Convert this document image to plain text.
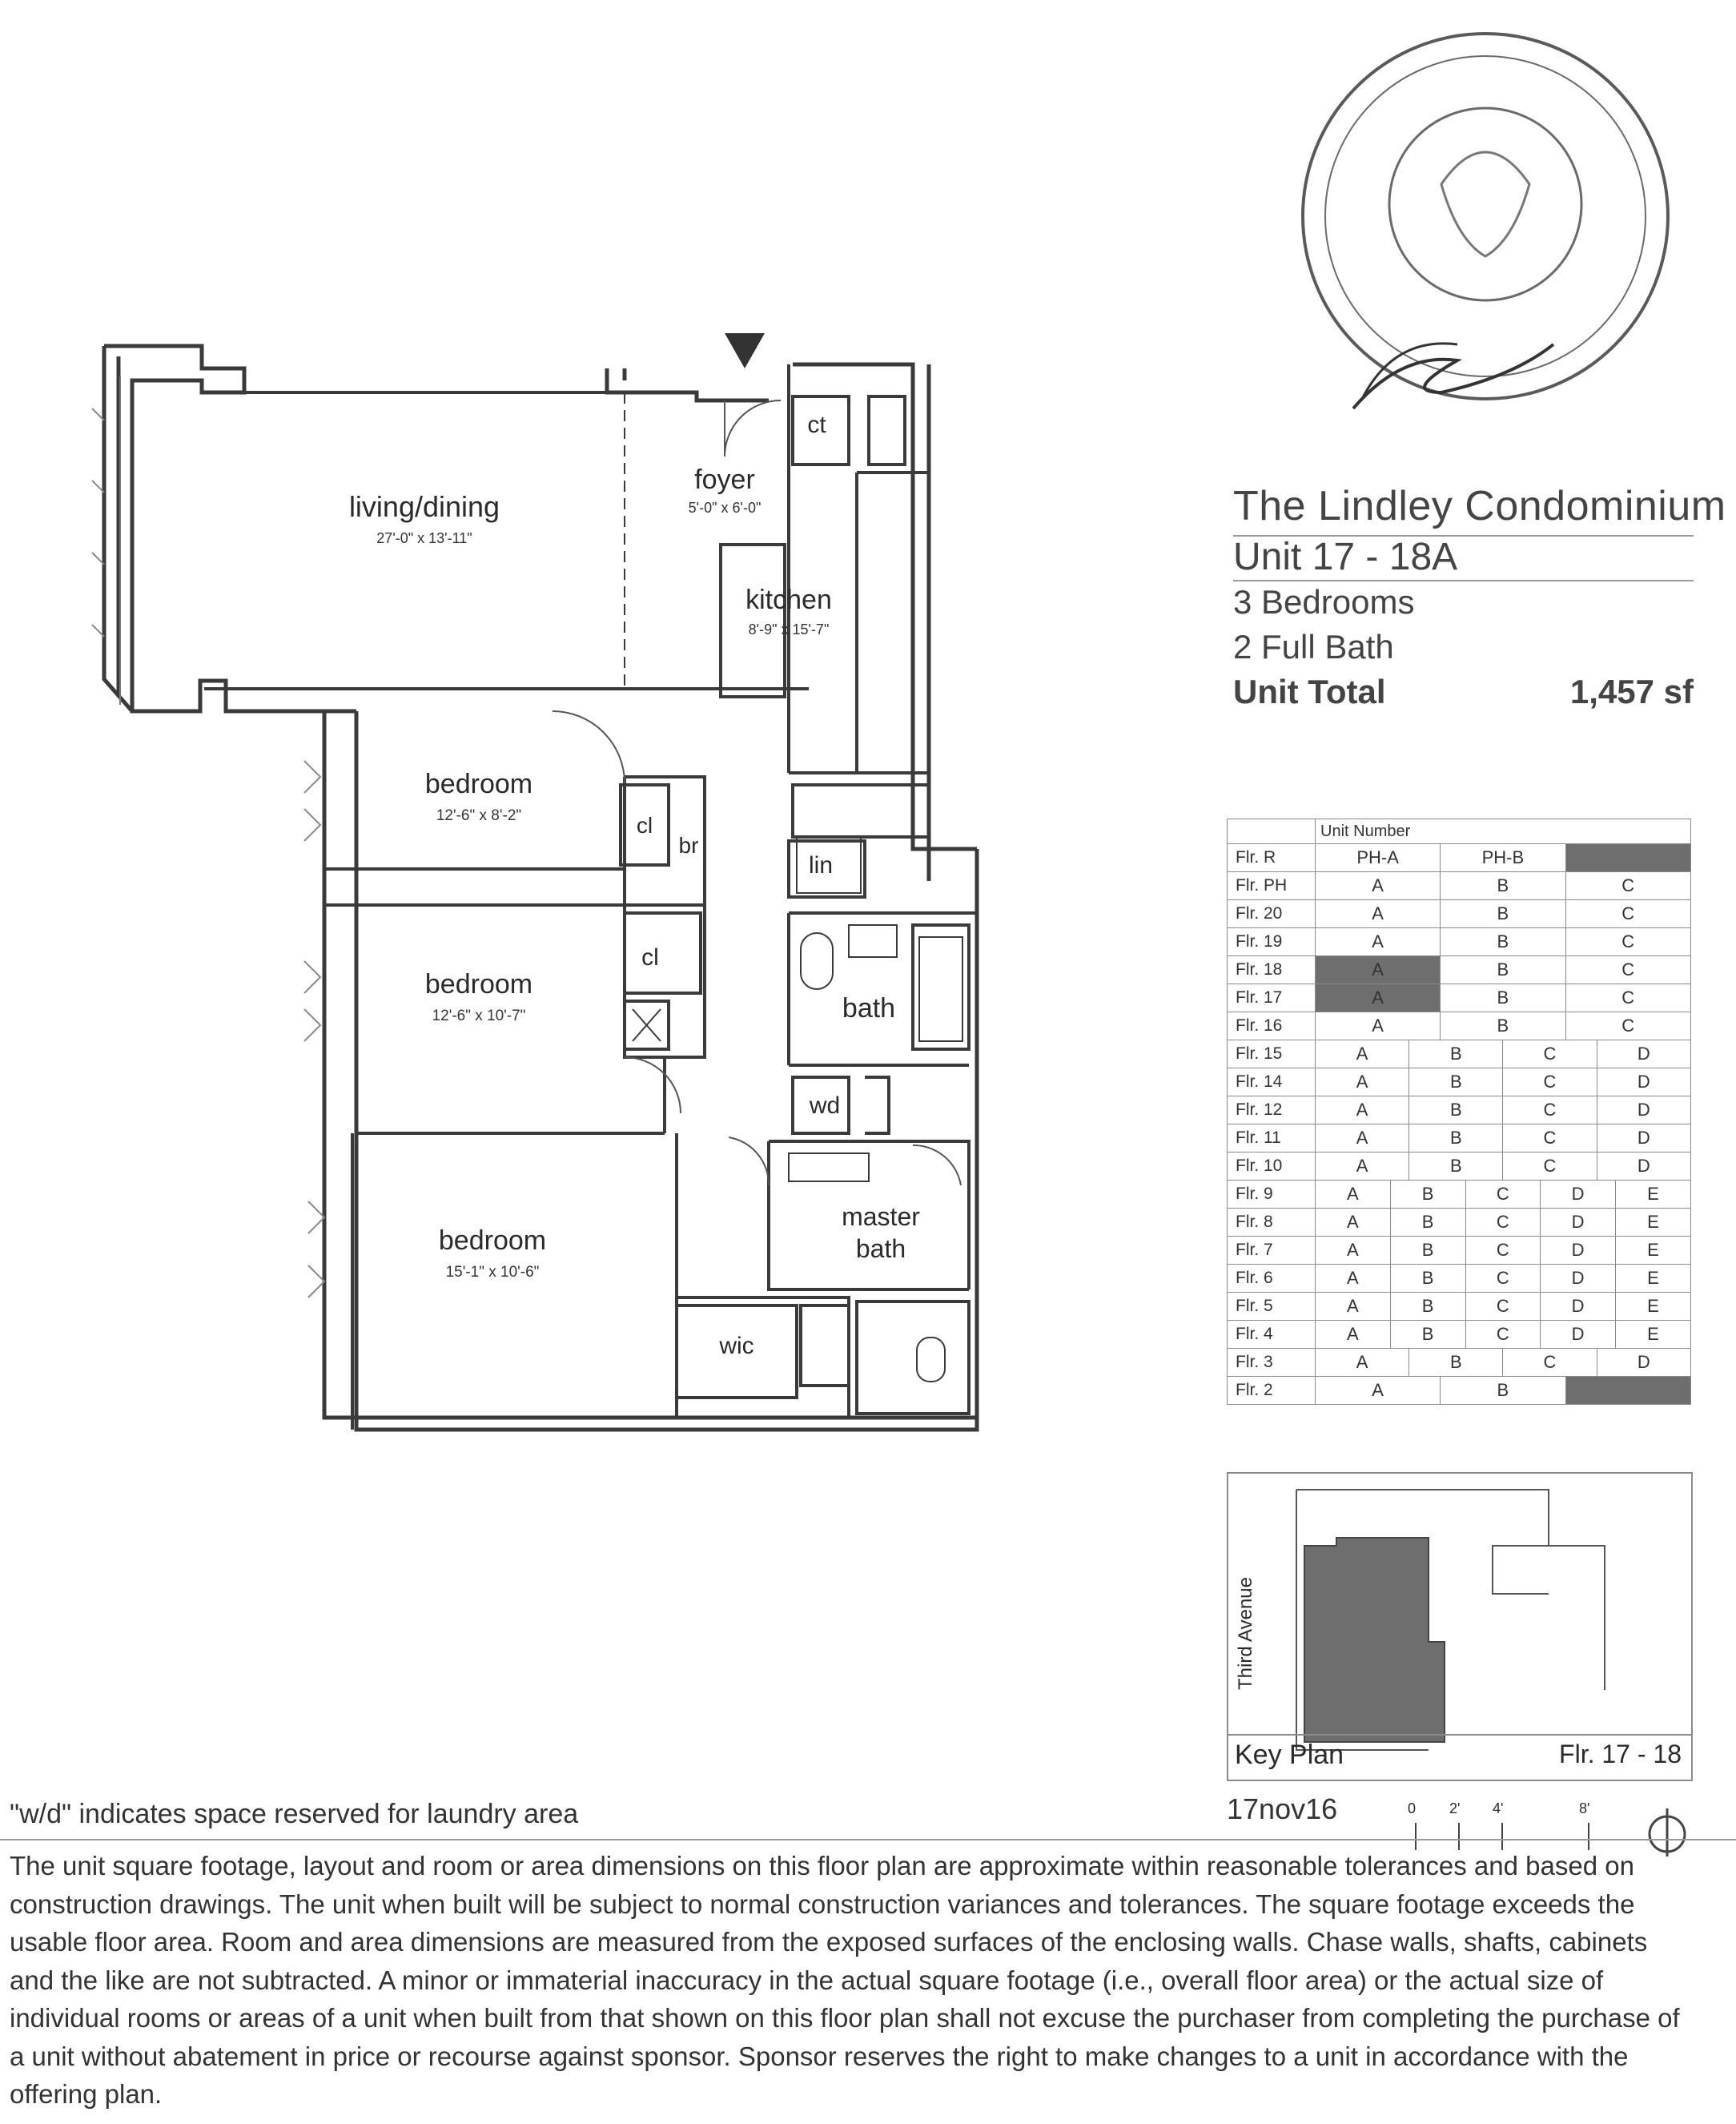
living/dining
27'-0" x 13'-11"
foyer
5'-0" x 6'-0"
kitchen
8'-9" x 15'-7"
bedroom
12'-6" x 8'-2"
bedroom
12'-6" x 10'-7"
bedroom
15'-1" x 10'-6"
bath
master
bath
ct
cl
br
lin
cl
wd
wic
The Lindley Condominium
Unit 17 - 18A
3 Bedrooms
2 Full Bath
Unit Total	1,457 sf
	Unit Number									
Flr. R	PH-A			PH-B						
Flr. PH	A			B				C		
Flr. 20	A			B				C		
Flr. 19	A			B				C		
Flr. 18	A			B				C		
Flr. 17	A			B				C		
Flr. 16	A			B				C		
Flr. 15	A		B			C			D	
Flr. 14	A		B			C			D	
Flr. 12	A		B			C			D	
Flr. 11	A		B			C			D	
Flr. 10	A		B			C			D	
Flr. 9	A	B			C		D			E
Flr. 8	A	B			C		D			E
Flr. 7	A	B			C		D			E
Flr. 6	A	B			C		D			E
Flr. 5	A	B			C		D			E
Flr. 4	A	B			C		D			E
Flr. 3	A		B			C			D	
Flr. 2	A			B						
Third Avenue
Key Plan	Flr. 17 - 18
"w/d" indicates space reserved for laundry area	17nov16	0 2' 4'	8'
The unit square footage, layout and room or area dimensions on this floor plan are approximate within reasonable tolerances and based on construction drawings. The unit when built will be subject to normal construction variances and tolerances. The square footage exceeds the usable floor area. Room and area dimensions are measured from the exposed surfaces of the enclosing walls. Chase walls, shafts, cabinets and the like are not subtracted. A minor or immaterial inaccuracy in the actual square footage (i.e., overall floor area) or the actual size of individual rooms or areas of a unit when built from that shown on this floor plan shall not excuse the purchaser from completing the purchase of a unit without abatement in price or recourse against sponsor. Sponsor reserves the right to make changes to a unit in accordance with the offering plan.
